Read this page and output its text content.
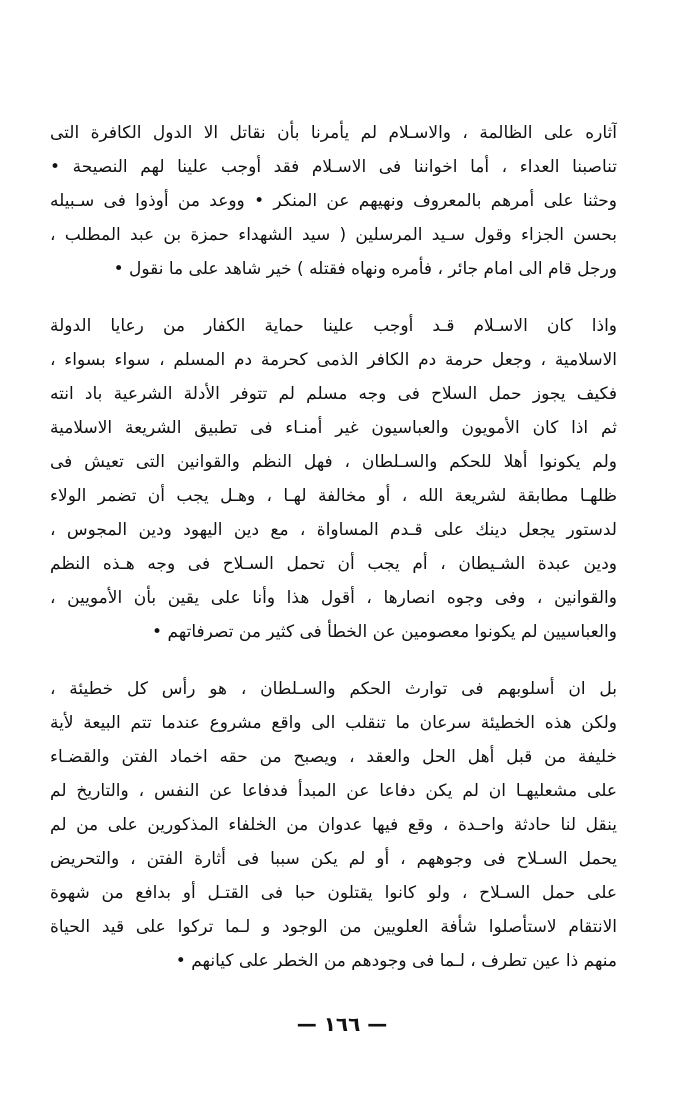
آثاره على الظالمة ، والاسـلام لم يأمرنا بأن نقاتل الا الدول الكافرة التى
تناصبنا العداء ، أما اخواننا فى الاسـلام فقد أوجب علينا لهم النصيحة •
وحثنا على أمرهم بالمعروف ونهيهم عن المنكر • ووعد من أوذوا فى سـبيله
بحسن الجزاء وقول سـيد المرسلين ( سيد الشهداء حمزة بن عبد المطلب ،
ورجل قام الى امام جائر ، فأمره ونهاه فقتله ) خير شاهد على ما نقول •

واذا كان الاسـلام قـد أوجب علينا حماية الكفار من رعايا الدولة
الاسلامية ، وجعل حرمة دم الكافر الذمى كحرمة دم المسلم ، سواء بسواء ،
فكيف يجوز حمل السلاح فى وجه مسلم لم تتوفر الأدلة الشرعية باد انته
ثم اذا كان الأمويون والعباسيون غير أمنـاء فى تطبيق الشريعة الاسلامية
ولم يكونوا أهلا للحكم والسـلطان ، فهل النظم والقوانين التى تعيش فى
ظلهـا مطابقة لشريعة الله ، أو مخالفة لهـا ، وهـل يجب أن تضمر الولاء
لدستور يجعل دينك على قـدم المساواة ، مع دين اليهود ودين المجوس ،
ودين عبدة الشـيطان ، أم يجب أن تحمل السـلاح فى وجه هـذه النظم
والقوانين ، وفى وجوه انصارها ، أقول هذا وأنا على يقين بأن الأمويين ،
والعباسيين لم يكونوا معصومين عن الخطأ فى كثير من تصرفاتهم •

بل ان أسلوبهم فى توارث الحكم والسـلطان ، هو رأس كل خطيئة ،
ولكن هذه الخطيئة سرعان ما تنقلب الى واقع مشروع عندما تتم البيعة لأية
خليفة من قبل أهل الحل والعقد ، ويصبح من حقه اخماد الفتن والقضـاء
على مشعليهـا ان لم يكن دفاعا عن المبدأ فدفاعا عن النفس ، والتاريخ لم
ينقل لنا حادثة واحـدة ، وقع فيها عدوان من الخلفاء المذكورين على من لم
يحمل السـلاح فى وجوههم ، أو لم يكن سببا فى أثارة الفتن ، والتحريض
على حمل السـلاح ، ولو كانوا يقتلون حبا فى القتـل أو بدافع من شهوة
الانتقام لاستأصلوا شأفة العلويين من الوجود و لـما تركوا على قيد الحياة
منهم ذا عين تطرف ، لـما فى وجودهم من الخطر على كيانهم •

— ١٦٦ —
